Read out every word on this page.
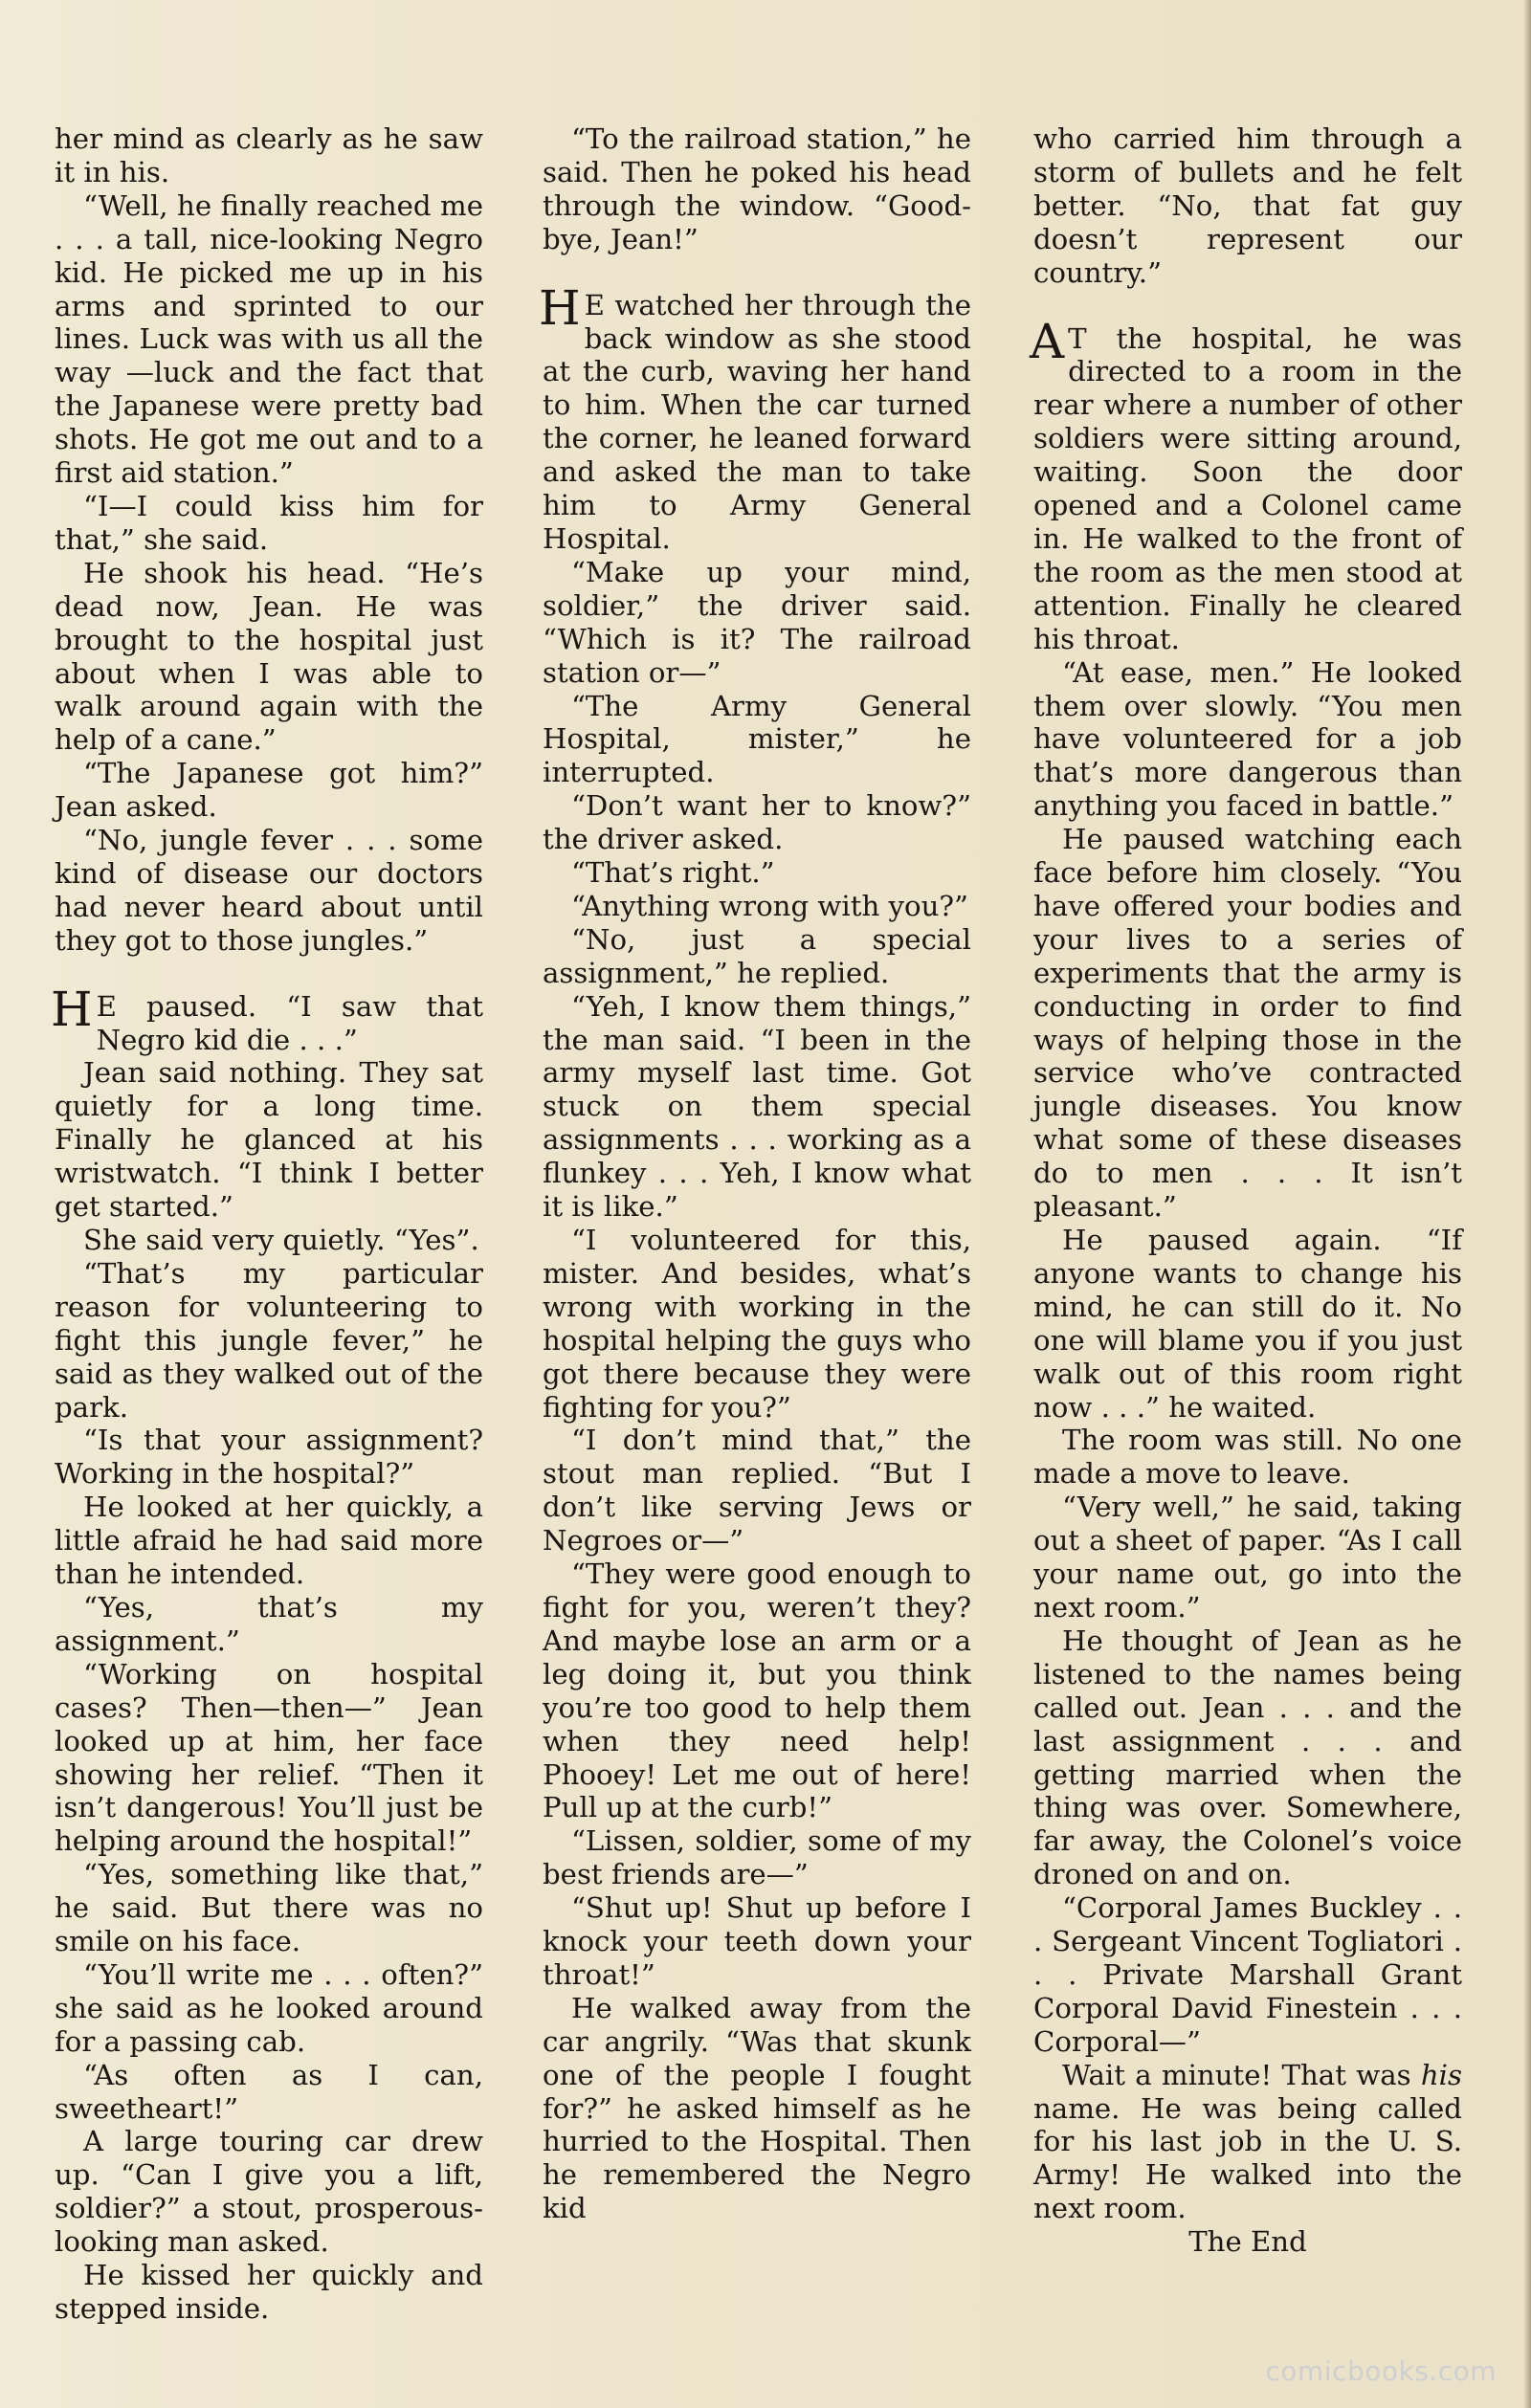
her mind as clearly as he saw it in his.

“Well, he finally reached me . . . a tall, nice-looking Negro kid. He picked me up in his arms and sprinted to our lines. Luck was with us all the way —luck and the fact that the Japanese were pretty bad shots. He got me out and to a first aid station.”

“I—I could kiss him for that,” she said.

He shook his head. “He’s dead now, Jean. He was brought to the hospital just about when I was able to walk around again with the help of a cane.”

“The Japanese got him?” Jean asked.

“No, jungle fever . . . some kind of disease our doctors had never heard about until they got to those jungles.”

H E paused. “I saw that Negro kid die . . .”

Jean said nothing. They sat quietly for a long time. Finally he glanced at his wristwatch. “I think I better get started.”

She said very quietly. “Yes”.

“That’s my particular reason for volunteering to fight this jungle fever,” he said as they walked out of the park.

“Is that your assignment? Working in the hospital?”

He looked at her quickly, a little afraid he had said more than he intended.

“Yes, that’s my assignment.”

“Working on hospital cases? Then—then—” Jean looked up at him, her face showing her relief. “Then it isn’t dangerous! You’ll just be helping around the hospital!”

“Yes, something like that,” he said. But there was no smile on his face.

“You’ll write me . . . often?” she said as he looked around for a passing cab.

“As often as I can, sweetheart!”

A large touring car drew up. “Can I give you a lift, soldier?” a stout, prosperous-looking man asked.

He kissed her quickly and stepped inside.

“To the railroad station,” he said. Then he poked his head through the window. “Good-bye, Jean!”

H E watched her through the back window as she stood at the curb, waving her hand to him. When the car turned the corner, he leaned forward and asked the man to take him to Army General Hospital.

“Make up your mind, soldier,” the driver said. “Which is it? The railroad station or—”

“The Army General Hospital, mister,” he interrupted.

“Don’t want her to know?” the driver asked.

“That’s right.”

“Anything wrong with you?”

“No, just a special assignment,” he replied.

“Yeh, I know them things,” the man said. “I been in the army myself last time. Got stuck on them special assignments . . . working as a flunkey . . . Yeh, I know what it is like.”

“I volunteered for this, mister. And besides, what’s wrong with working in the hospital helping the guys who got there because they were fighting for you?”

“I don’t mind that,” the stout man replied. “But I don’t like serving Jews or Negroes or—”

“They were good enough to fight for you, weren’t they? And maybe lose an arm or a leg doing it, but you think you’re too good to help them when they need help! Phooey! Let me out of here! Pull up at the curb!”

“Lissen, soldier, some of my best friends are—”

“Shut up! Shut up before I knock your teeth down your throat!”

He walked away from the car angrily. “Was that skunk one of the people I fought for?” he asked himself as he hurried to the Hospital. Then he remembered the Negro kid

who carried him through a storm of bullets and he felt better. “No, that fat guy doesn’t represent our country.”

A T the hospital, he was directed to a room in the rear where a number of other soldiers were sitting around, waiting. Soon the door opened and a Colonel came in. He walked to the front of the room as the men stood at attention. Finally he cleared his throat.

“At ease, men.” He looked them over slowly. “You men have volunteered for a job that’s more dangerous than anything you faced in battle.”

He paused watching each face before him closely. “You have offered your bodies and your lives to a series of experiments that the army is conducting in order to find ways of helping those in the service who’ve contracted jungle diseases. You know what some of these diseases do to men . . . It isn’t pleasant.”

He paused again. “If anyone wants to change his mind, he can still do it. No one will blame you if you just walk out of this room right now . . .” he waited.

The room was still. No one made a move to leave.

“Very well,” he said, taking out a sheet of paper. “As I call your name out, go into the next room.”

He thought of Jean as he listened to the names being called out. Jean . . . and the last assignment . . . and getting married when the thing was over. Somewhere, far away, the Colonel’s voice droned on and on.

“Corporal James Buckley . . . Sergeant Vincent Togliatori . . . Private Marshall Grant Corporal David Finestein . . . Corporal—”

Wait a minute! That was his name. He was being called for his last job in the U. S. Army! He walked into the next room.

The End

comicbooks.com
